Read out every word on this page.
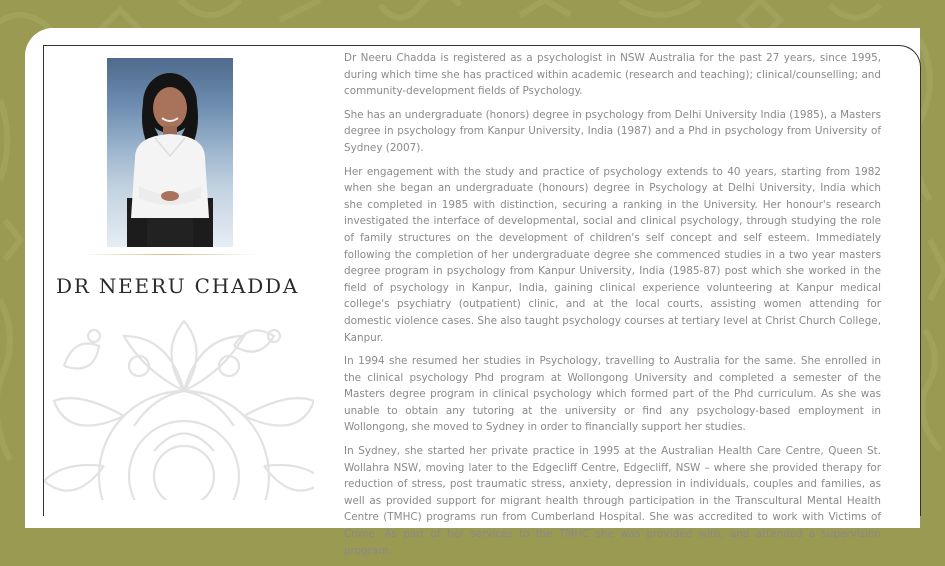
DR NEERU CHADDA

Dr Neeru Chadda is registered as a psychologist in NSW Australia for the past 27 years, since 1995, during which time she has practiced within academic (research and teaching); clinical/counselling; and community-development fields of Psychology.

She has an undergraduate (honors) degree in psychology from Delhi University India (1985), a Masters degree in psychology from Kanpur University, India (1987) and a Phd in psychology from University of Sydney (2007).

Her engagement with the study and practice of psychology extends to 40 years, starting from 1982 when she began an undergraduate (honours) degree in Psychology at Delhi University, India which she completed in 1985 with distinction, securing a ranking in the University. Her honour's research investigated the interface of developmental, social and clinical psychology, through studying the role of family structures on the development of children's self concept and self esteem. Immediately following the completion of her undergraduate degree she commenced studies in a two year masters degree program in psychology from Kanpur University, India (1985-87) post which she worked in the field of psychology in Kanpur, India, gaining clinical experience volunteering at Kanpur medical college's psychiatry (outpatient) clinic, and at the local courts, assisting women attending for domestic violence cases. She also taught psychology courses at tertiary level at Christ Church College, Kanpur.

In 1994 she resumed her studies in Psychology, travelling to Australia for the same. She enrolled in the clinical psychology Phd program at Wollongong University and completed a semester of the Masters degree program in clinical psychology which formed part of the Phd curriculum. As she was unable to obtain any tutoring at the university or find any psychology-based employment in Wollongong, she moved to Sydney in order to financially support her studies.

In Sydney, she started her private practice in 1995 at the Australian Health Care Centre, Queen St. Wollahra NSW, moving later to the Edgecliff Centre, Edgecliff, NSW – where she provided therapy for reduction of stress, post traumatic stress, anxiety, depression in individuals, couples and families, as well as provided support for migrant health through participation in the Transcultural Mental Health Centre (TMHC) programs run from Cumberland Hospital. She was accredited to work with Victims of Crime. As part of her services to the TMHC she was provided with, and attended a supervision program.
